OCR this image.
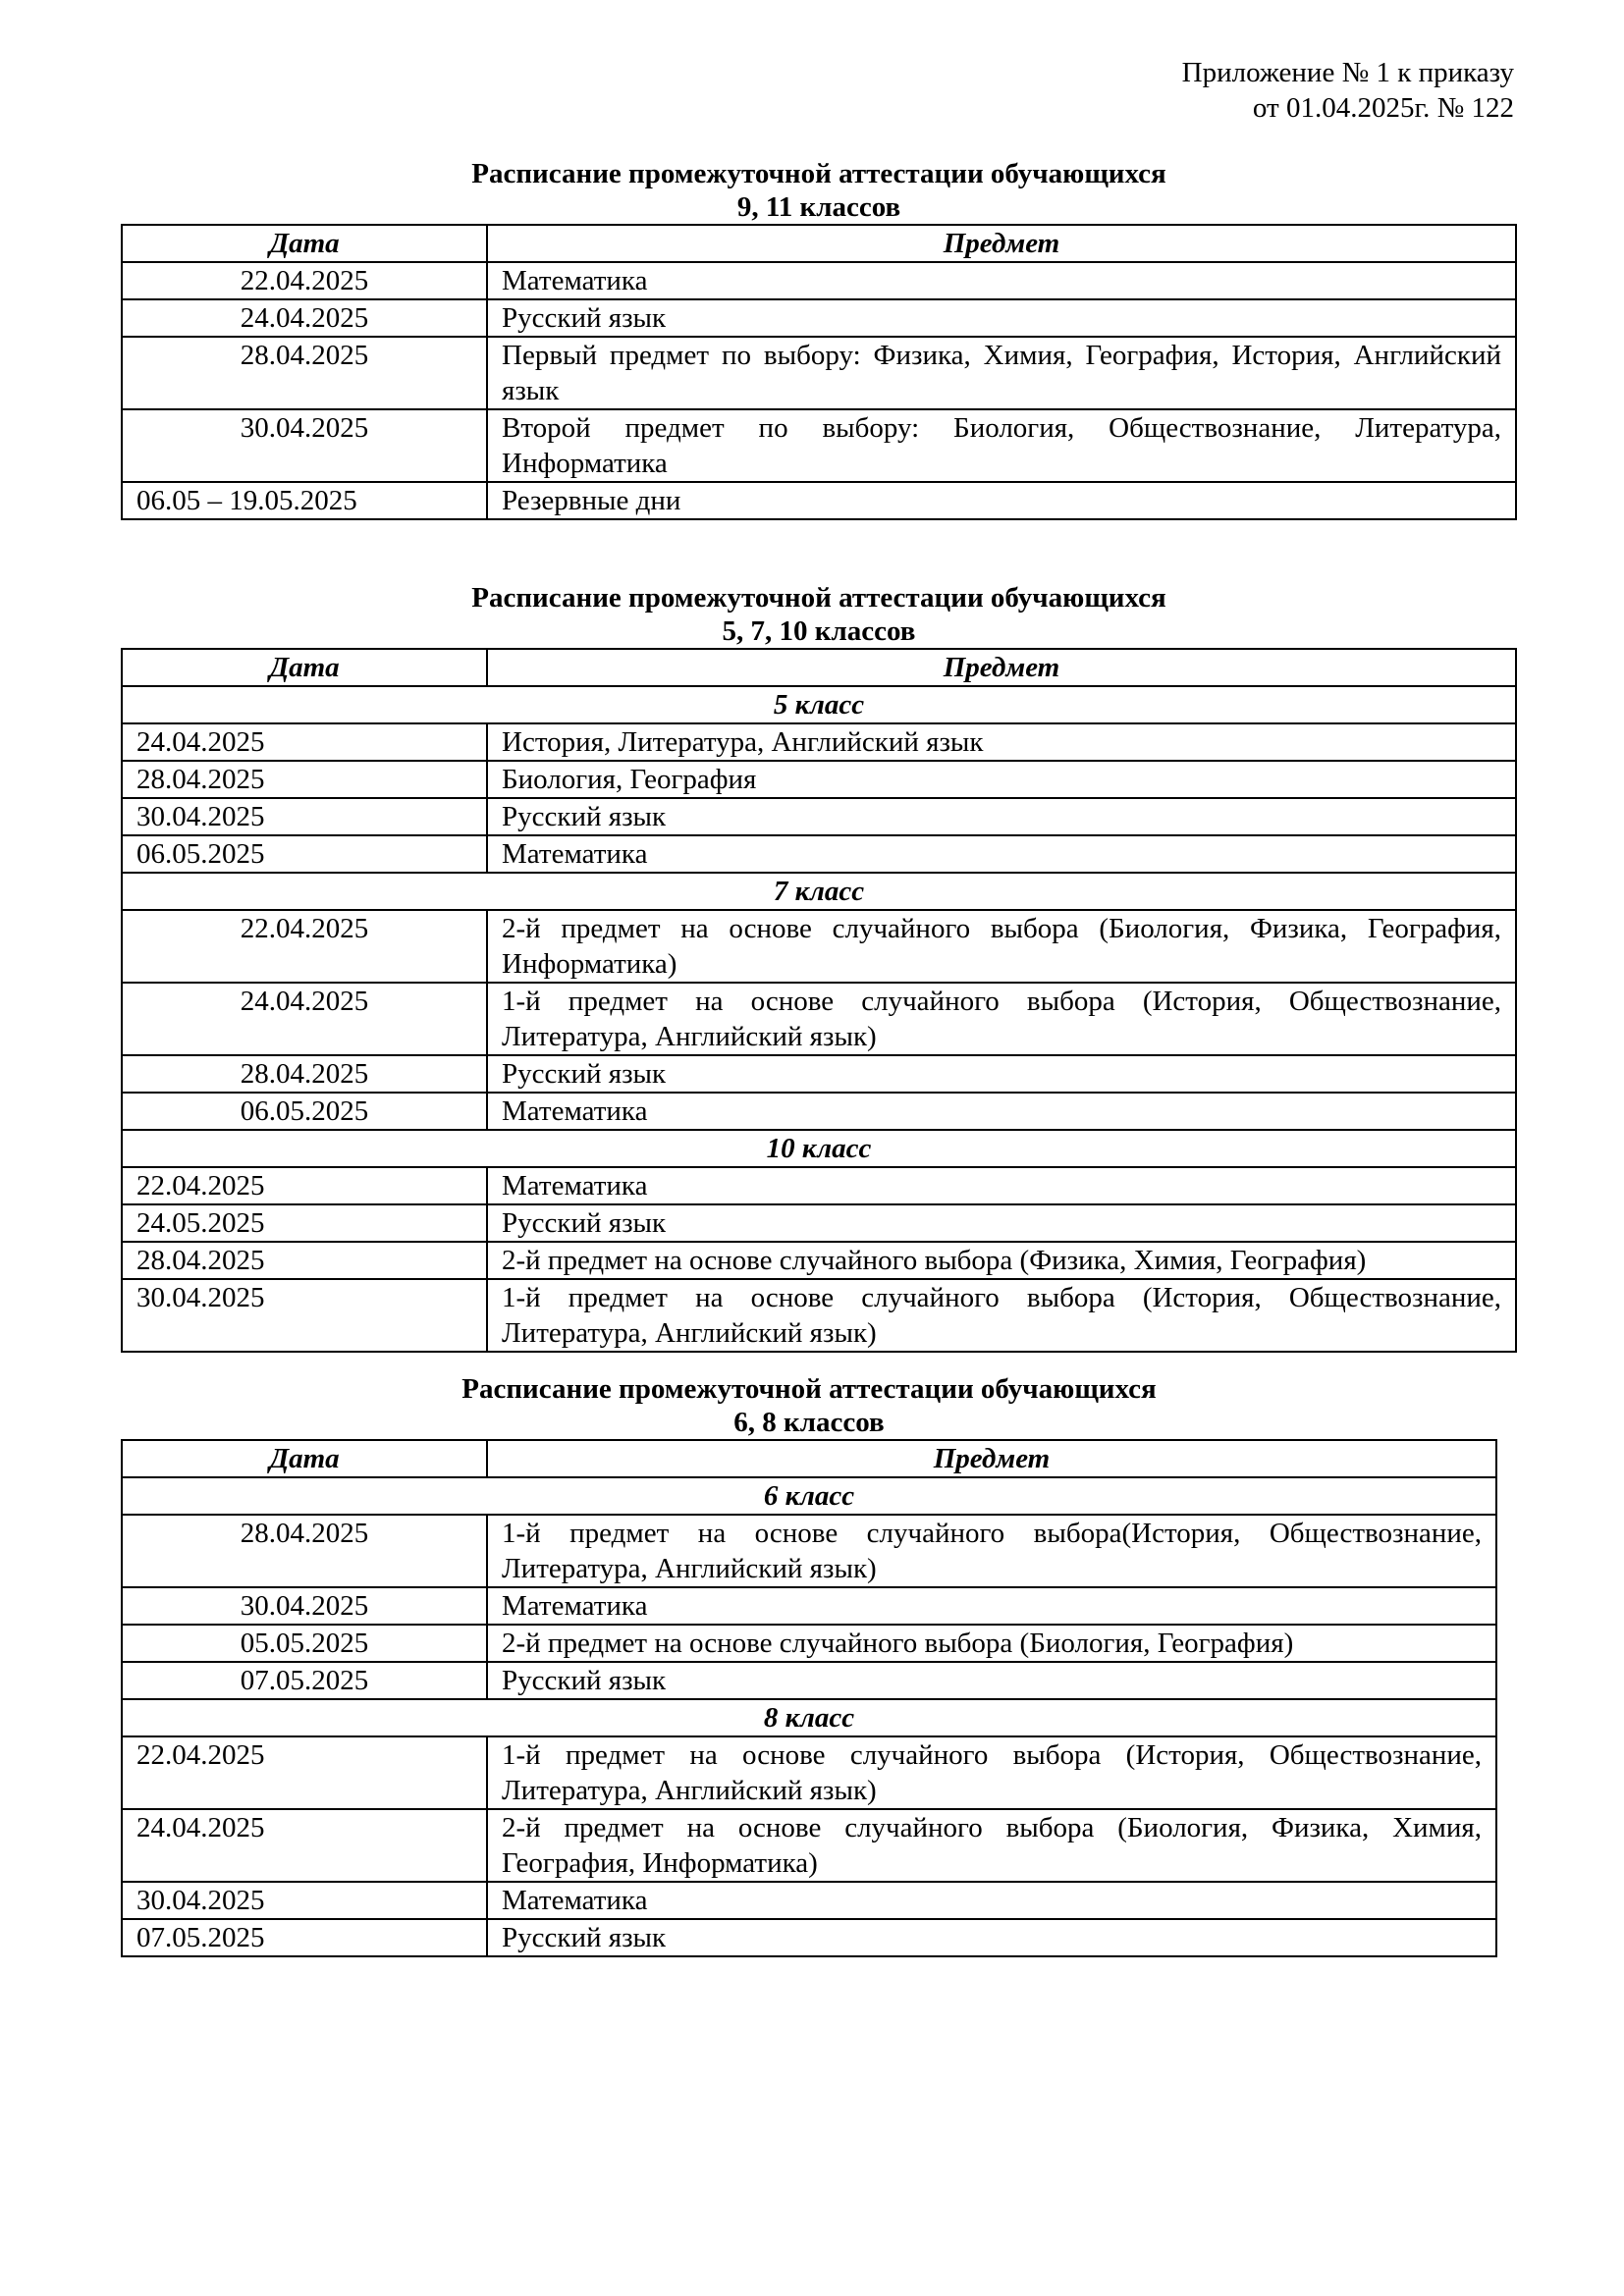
Приложение № 1 к приказу
от 01.04.2025г. № 122
Расписание промежуточной аттестации обучающихся
9, 11 классов
Дата	Предмет
22.04.2025	Математика
24.04.2025	Русский язык
28.04.2025	Первый предмет по выбору: Физика, Химия, География, История, Английский язык
30.04.2025	Второй предмет по выбору: Биология, Обществознание, Литература, Информатика
06.05 – 19.05.2025	Резервные дни
Расписание промежуточной аттестации обучающихся
5, 7, 10 классов
Дата	Предмет
5 класс	
24.04.2025	История, Литература, Английский язык
28.04.2025	Биология, География
30.04.2025	Русский язык
06.05.2025	Математика
7 класс	
22.04.2025	2-й предмет на основе случайного выбора (Биология, Физика, География, Информатика)
24.04.2025	1-й предмет на основе случайного выбора (История, Обществознание, Литература, Английский язык)
28.04.2025	Русский язык
06.05.2025	Математика
10 класс	
22.04.2025	Математика
24.05.2025	Русский язык
28.04.2025	2-й предмет на основе случайного выбора (Физика, Химия, География)
30.04.2025	1-й предмет на основе случайного выбора (История, Обществознание, Литература, Английский язык)
Расписание промежуточной аттестации обучающихся
6, 8 классов
Дата	Предмет
6 класс	
28.04.2025	1-й предмет на основе случайного выбора(История, Обществознание, Литература, Английский язык)
30.04.2025	Математика
05.05.2025	2-й предмет на основе случайного выбора (Биология, География)
07.05.2025	Русский язык
8 класс	
22.04.2025	1-й предмет на основе случайного выбора (История, Обществознание, Литература, Английский язык)
24.04.2025	2-й предмет на основе случайного выбора (Биология, Физика, Химия, География, Информатика)
30.04.2025	Математика
07.05.2025	Русский язык
